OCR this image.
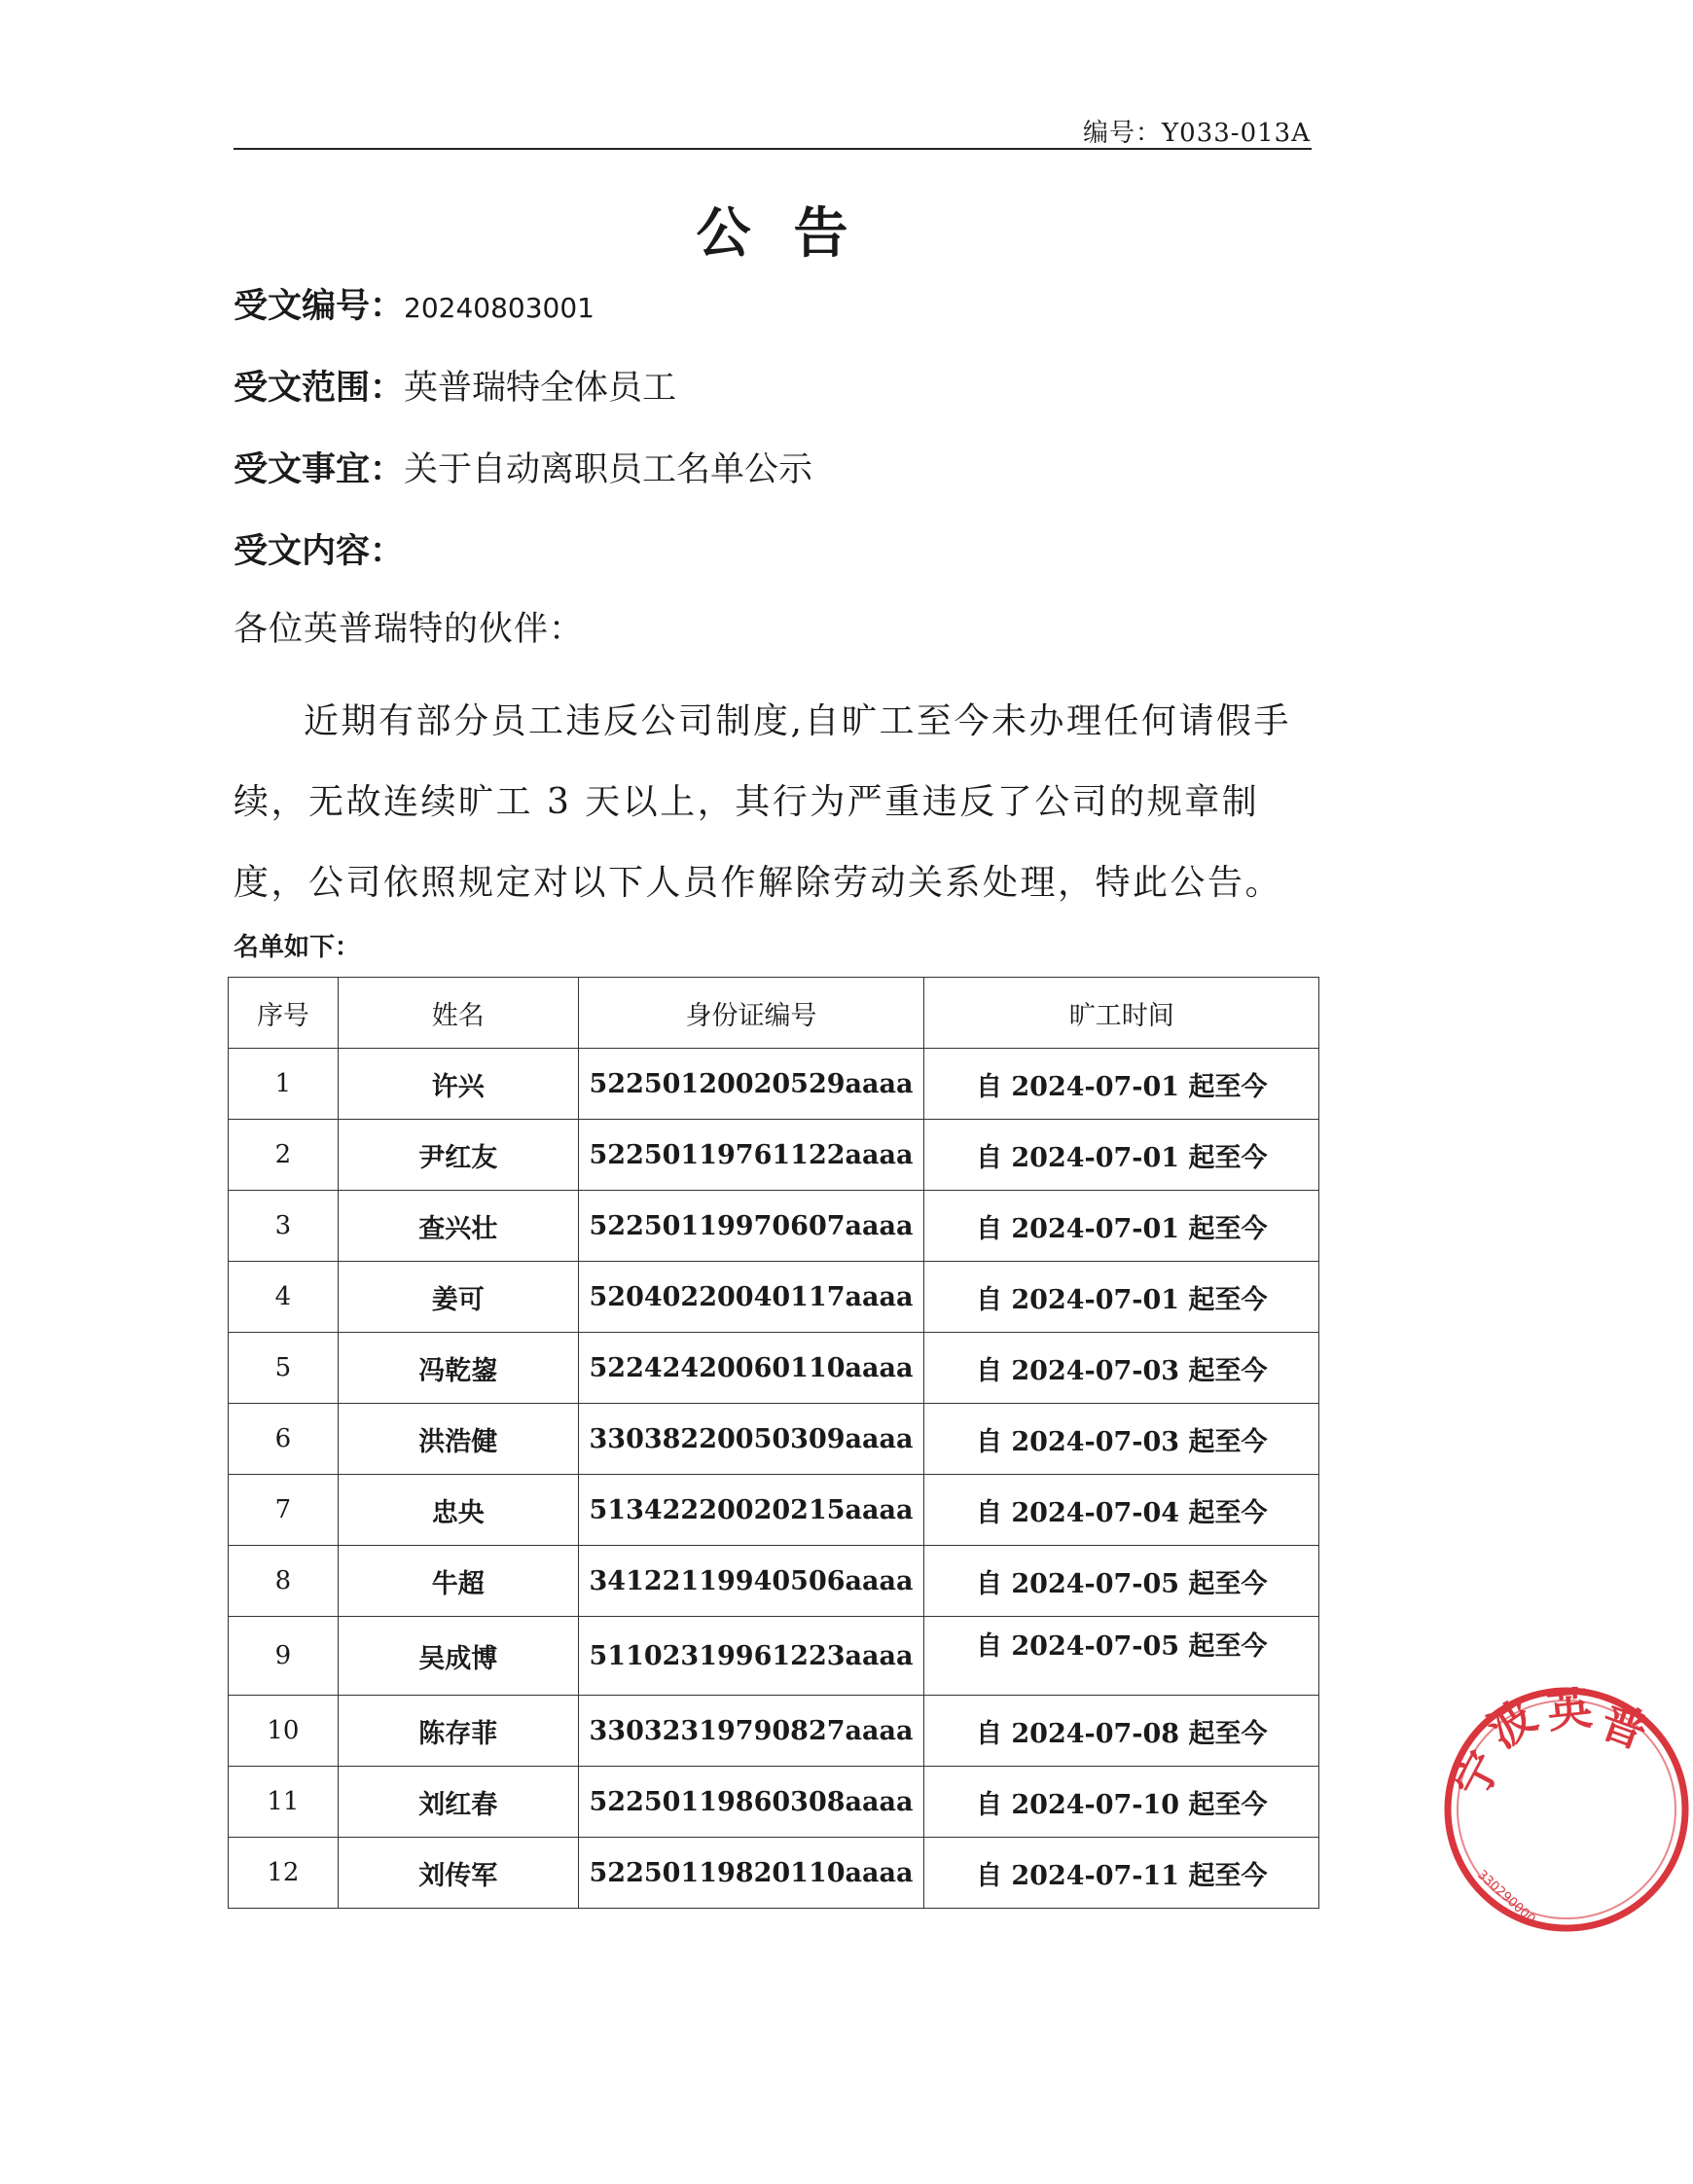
编号：Y033-013A
公告
受文编号：20240803001
受文范围：英普瑞特全体员工
受文事宜：关于自动离职员工名单公示
受文内容：
各位英普瑞特的伙伴：
近期有部分员工违反公司制度,自旷工至今未办理任何请假手续，无故连续旷工 3 天以上，其行为严重违反了公司的规章制度，公司依照规定对以下人员作解除劳动关系处理，特此公告。
名单如下：
序号	姓名	身份证编号	旷工时间
1	许兴	52250120020529aaaa	自 2024-07-01 起至今
2	尹红友	52250119761122aaaa	自 2024-07-01 起至今
3	查兴壮	52250119970607aaaa	自 2024-07-01 起至今
4	姜可	52040220040117aaaa	自 2024-07-01 起至今
5	冯乾鋆	52242420060110aaaa	自 2024-07-03 起至今
6	洪浩健	33038220050309aaaa	自 2024-07-03 起至今
7	忠央	51342220020215aaaa	自 2024-07-04 起至今
8	牛超	34122119940506aaaa	自 2024-07-05 起至今
9	吴成博	51102319961223aaaa	自 2024-07-05 起至今
10	陈存菲	33032319790827aaaa	自 2024-07-08 起至今
11	刘红春	52250119860308aaaa	自 2024-07-10 起至今
12	刘传军	52250119820110aaaa	自 2024-07-11 起至今
宁
波 英 普
330290000
